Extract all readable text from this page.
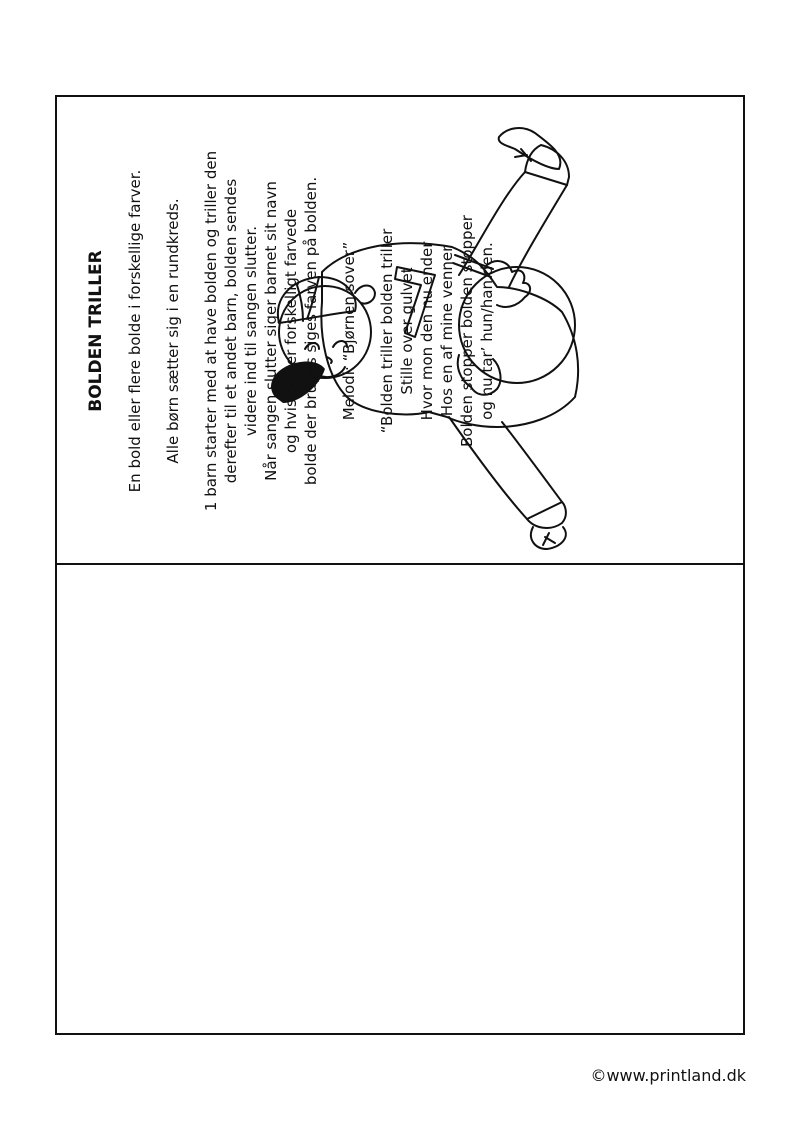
BOLDEN TRILLER En bold eller flere bolde i forskellige farver. Alle børn sætter sig i en rundkreds. 1 barn starter med at have bolden og triller den derefter til et andet barn, bolden sendes videre ind til sangen slutter. Når sangen slutter siger barnet sit navn og hvis det er forskelligt farvede bolde der bruges siges farven på bolden. Melodi: “Bjørnen sover” “Bolden triller bolden triller Stille over gulvet Hvor mon den nu ender Hos en af mine venner Bolden stopper bolden stopper og nu tar’ hun/han den.

©www.printland.dk
